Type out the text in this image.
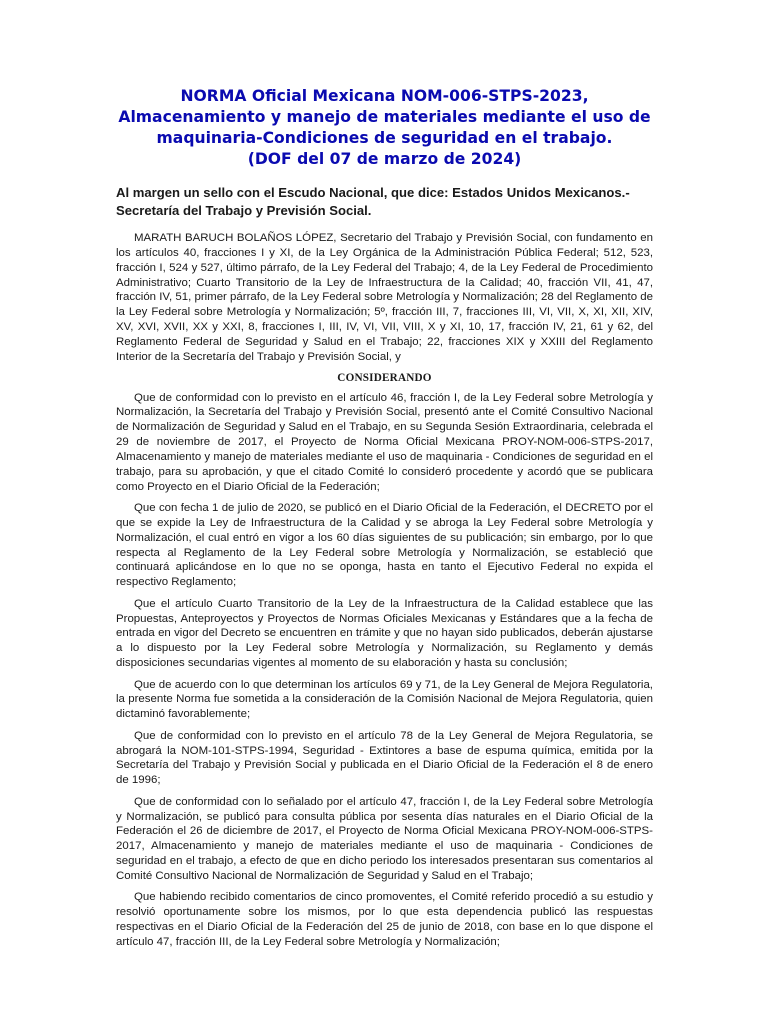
NORMA Oficial Mexicana NOM-006-STPS-2023,
Almacenamiento y manejo de materiales mediante el uso de
maquinaria-Condiciones de seguridad en el trabajo.
(DOF del 07 de marzo de 2024)
Al margen un sello con el Escudo Nacional, que dice: Estados Unidos Mexicanos.- Secretaría del Trabajo y Previsión Social.

MARATH BARUCH BOLAÑOS LÓPEZ, Secretario del Trabajo y Previsión Social, con fundamento en los artículos 40, fracciones I y XI, de la Ley Orgánica de la Administración Pública Federal; 512, 523, fracción I, 524 y 527, último párrafo, de la Ley Federal del Trabajo; 4, de la Ley Federal de Procedimiento Administrativo; Cuarto Transitorio de la Ley de Infraestructura de la Calidad; 40, fracción VII, 41, 47, fracción IV, 51, primer párrafo, de la Ley Federal sobre Metrología y Normalización; 28 del Reglamento de la Ley Federal sobre Metrología y Normalización; 5º, fracción III, 7, fracciones III, VI, VII, X, XI, XII, XIV, XV, XVI, XVII, XX y XXI, 8, fracciones I, III, IV, VI, VII, VIII, X y XI, 10, 17, fracción IV, 21, 61 y 62, del Reglamento Federal de Seguridad y Salud en el Trabajo; 22, fracciones XIX y XXIII del Reglamento Interior de la Secretaría del Trabajo y Previsión Social, y

CONSIDERANDO

Que de conformidad con lo previsto en el artículo 46, fracción I, de la Ley Federal sobre Metrología y Normalización, la Secretaría del Trabajo y Previsión Social, presentó ante el Comité Consultivo Nacional de Normalización de Seguridad y Salud en el Trabajo, en su Segunda Sesión Extraordinaria, celebrada el 29 de noviembre de 2017, el Proyecto de Norma Oficial Mexicana PROY-NOM-006-STPS-2017, Almacenamiento y manejo de materiales mediante el uso de maquinaria - Condiciones de seguridad en el trabajo, para su aprobación, y que el citado Comité lo consideró procedente y acordó que se publicara como Proyecto en el Diario Oficial de la Federación;

Que con fecha 1 de julio de 2020, se publicó en el Diario Oficial de la Federación, el DECRETO por el que se expide la Ley de Infraestructura de la Calidad y se abroga la Ley Federal sobre Metrología y Normalización, el cual entró en vigor a los 60 días siguientes de su publicación; sin embargo, por lo que respecta al Reglamento de la Ley Federal sobre Metrología y Normalización, se estableció que continuará aplicándose en lo que no se oponga, hasta en tanto el Ejecutivo Federal no expida el respectivo Reglamento;

Que el artículo Cuarto Transitorio de la Ley de la Infraestructura de la Calidad establece que las Propuestas, Anteproyectos y Proyectos de Normas Oficiales Mexicanas y Estándares que a la fecha de entrada en vigor del Decreto se encuentren en trámite y que no hayan sido publicados, deberán ajustarse a lo dispuesto por la Ley Federal sobre Metrología y Normalización, su Reglamento y demás disposiciones secundarias vigentes al momento de su elaboración y hasta su conclusión;

Que de acuerdo con lo que determinan los artículos 69 y 71, de la Ley General de Mejora Regulatoria, la presente Norma fue sometida a la consideración de la Comisión Nacional de Mejora Regulatoria, quien dictaminó favorablemente;

Que de conformidad con lo previsto en el artículo 78 de la Ley General de Mejora Regulatoria, se abrogará la NOM-101-STPS-1994, Seguridad - Extintores a base de espuma química, emitida por la Secretaría del Trabajo y Previsión Social y publicada en el Diario Oficial de la Federación el 8 de enero de 1996;

Que de conformidad con lo señalado por el artículo 47, fracción I, de la Ley Federal sobre Metrología y Normalización, se publicó para consulta pública por sesenta días naturales en el Diario Oficial de la Federación el 26 de diciembre de 2017, el Proyecto de Norma Oficial Mexicana PROY-NOM-006-STPS-2017, Almacenamiento y manejo de materiales mediante el uso de maquinaria - Condiciones de seguridad en el trabajo, a efecto de que en dicho periodo los interesados presentaran sus comentarios al Comité Consultivo Nacional de Normalización de Seguridad y Salud en el Trabajo;

Que habiendo recibido comentarios de cinco promoventes, el Comité referido procedió a su estudio y resolvió oportunamente sobre los mismos, por lo que esta dependencia publicó las respuestas respectivas en el Diario Oficial de la Federación del 25 de junio de 2018, con base en lo que dispone el artículo 47, fracción III, de la Ley Federal sobre Metrología y Normalización;
